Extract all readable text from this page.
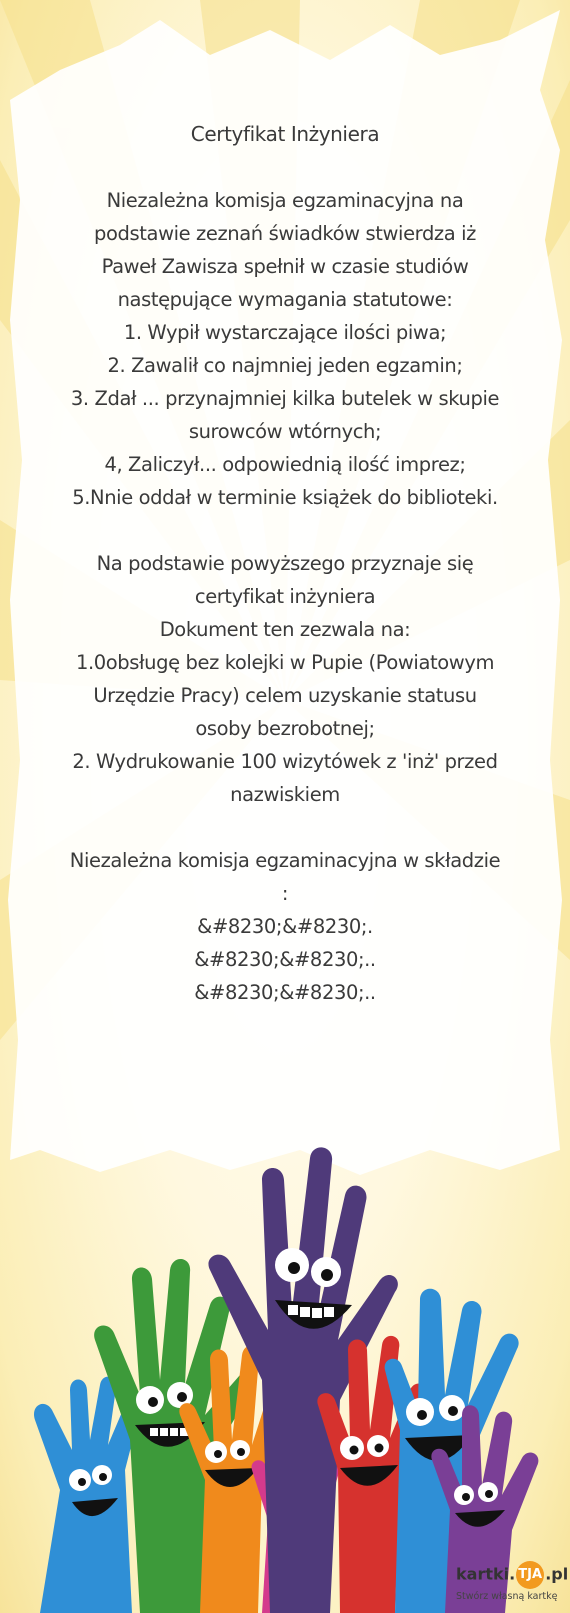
Certyfikat Inżyniera
Niezależna komisja egzaminacyjna na
podstawie zeznań świadków stwierdza iż
Paweł Zawisza spełnił w czasie studiów
następujące wymagania statutowe:
1. Wypił wystarczające ilości piwa;
2. Zawalił co najmniej jeden egzamin;
3. Zdał ... przynajmniej kilka butelek w skupie
surowców wtórnych;
4, Zaliczył... odpowiednią ilość imprez;
5.Nnie oddał w terminie książek do biblioteki.
Na podstawie powyższego przyznaje się
certyfikat inżyniera
Dokument ten zezwala na:
1.0obsługę bez kolejki w Pupie (Powiatowym
Urzędzie Pracy) celem uzyskanie statusu
osoby bezrobotnej;
2. Wydrukowanie 100 wizytówek z 'inż' przed
nazwiskiem
Niezależna komisja egzaminacyjna w składzie
:
&#8230;&#8230;.
&#8230;&#8230;..
&#8230;&#8230;..
kartki. TJA .pl
Stwórz własną kartkę
